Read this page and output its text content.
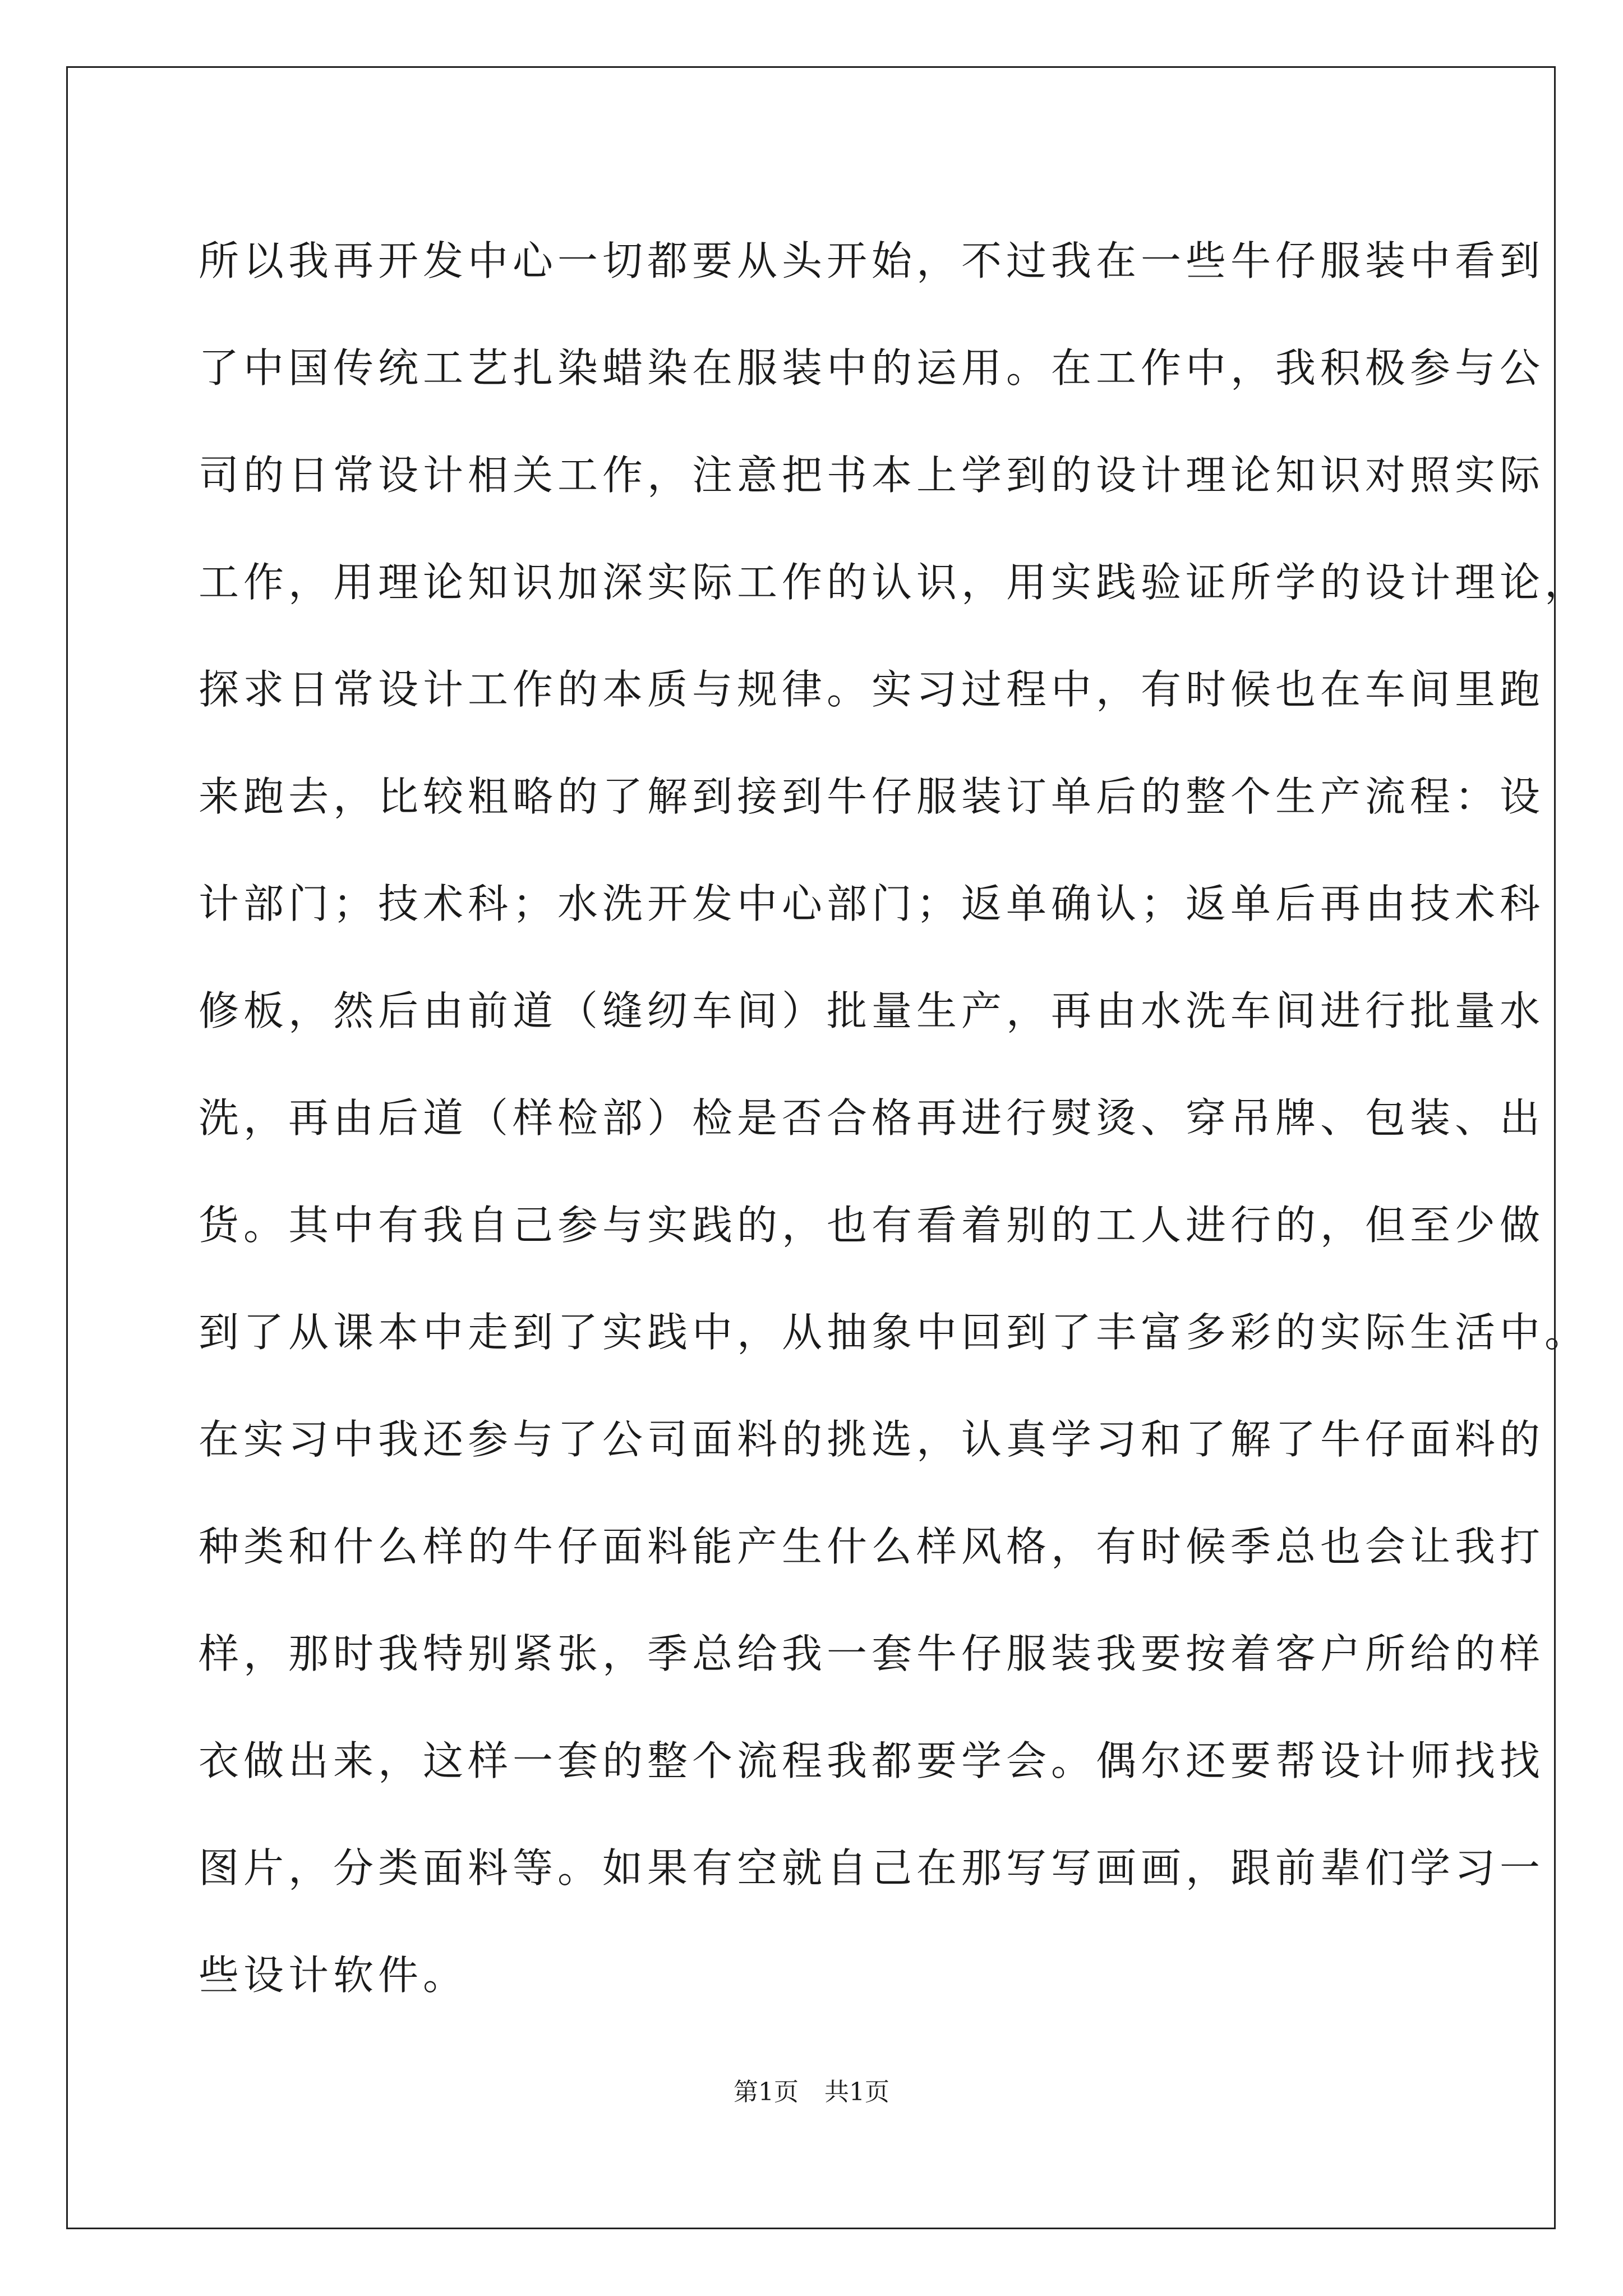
所以我再开发中心一切都要从头开始，不过我在一些牛仔服装中看到
了中国传统工艺扎染蜡染在服装中的运用。在工作中，我积极参与公
司的日常设计相关工作，注意把书本上学到的设计理论知识对照实际
工作，用理论知识加深实际工作的认识，用实践验证所学的设计理论，
探求日常设计工作的本质与规律。实习过程中，有时候也在车间里跑
来跑去，比较粗略的了解到接到牛仔服装订单后的整个生产流程：设
计部门；技术科；水洗开发中心部门；返单确认；返单后再由技术科
修板，然后由前道（缝纫车间）批量生产，再由水洗车间进行批量水
洗，再由后道（样检部）检是否合格再进行熨烫、穿吊牌、包装、出
货。其中有我自己参与实践的，也有看着别的工人进行的，但至少做
到了从课本中走到了实践中，从抽象中回到了丰富多彩的实际生活中。
在实习中我还参与了公司面料的挑选，认真学习和了解了牛仔面料的
种类和什么样的牛仔面料能产生什么样风格，有时候季总也会让我打
样，那时我特别紧张，季总给我一套牛仔服装我要按着客户所给的样
衣做出来，这样一套的整个流程我都要学会。偶尔还要帮设计师找找
图片，分类面料等。如果有空就自己在那写写画画，跟前辈们学习一
些设计软件。
第1页 共1页
